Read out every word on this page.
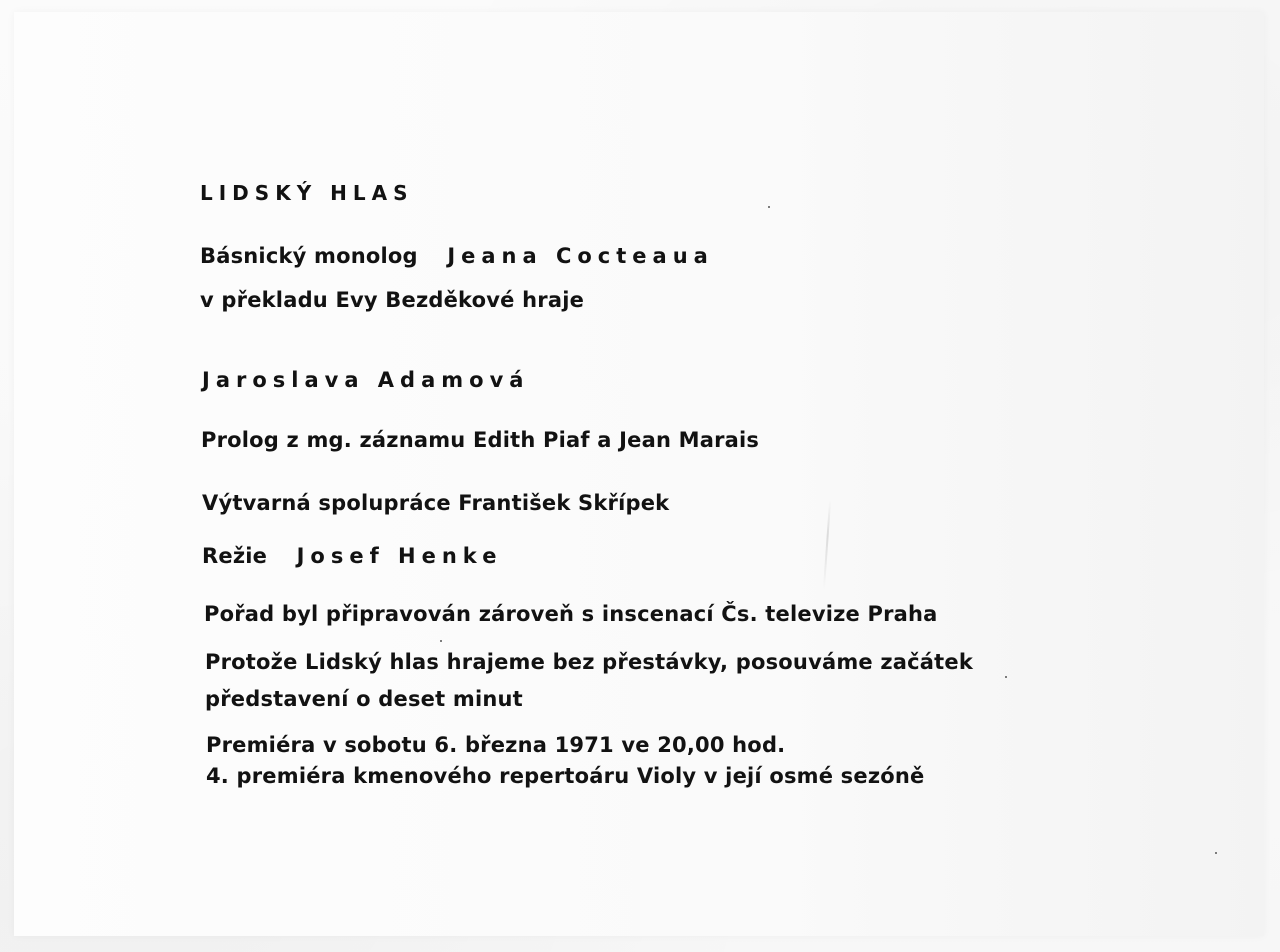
LIDSKÝ HLAS

Básnický monolog Jeana Cocteaua

v překladu Evy Bezděkové hraje

Jaroslava Adamová

Prolog z mg. záznamu Edith Piaf a Jean Marais

Výtvarná spolupráce František Skřípek

Režie Josef Henke

Pořad byl připravován zároveň s inscenací Čs. televize Praha

Protože Lidský hlas hrajeme bez přestávky, posouváme začátek

představení o deset minut

Premiéra v sobotu 6. března 1971 ve 20,00 hod.

4. premiéra kmenového repertoáru Violy v její osmé sezóně
